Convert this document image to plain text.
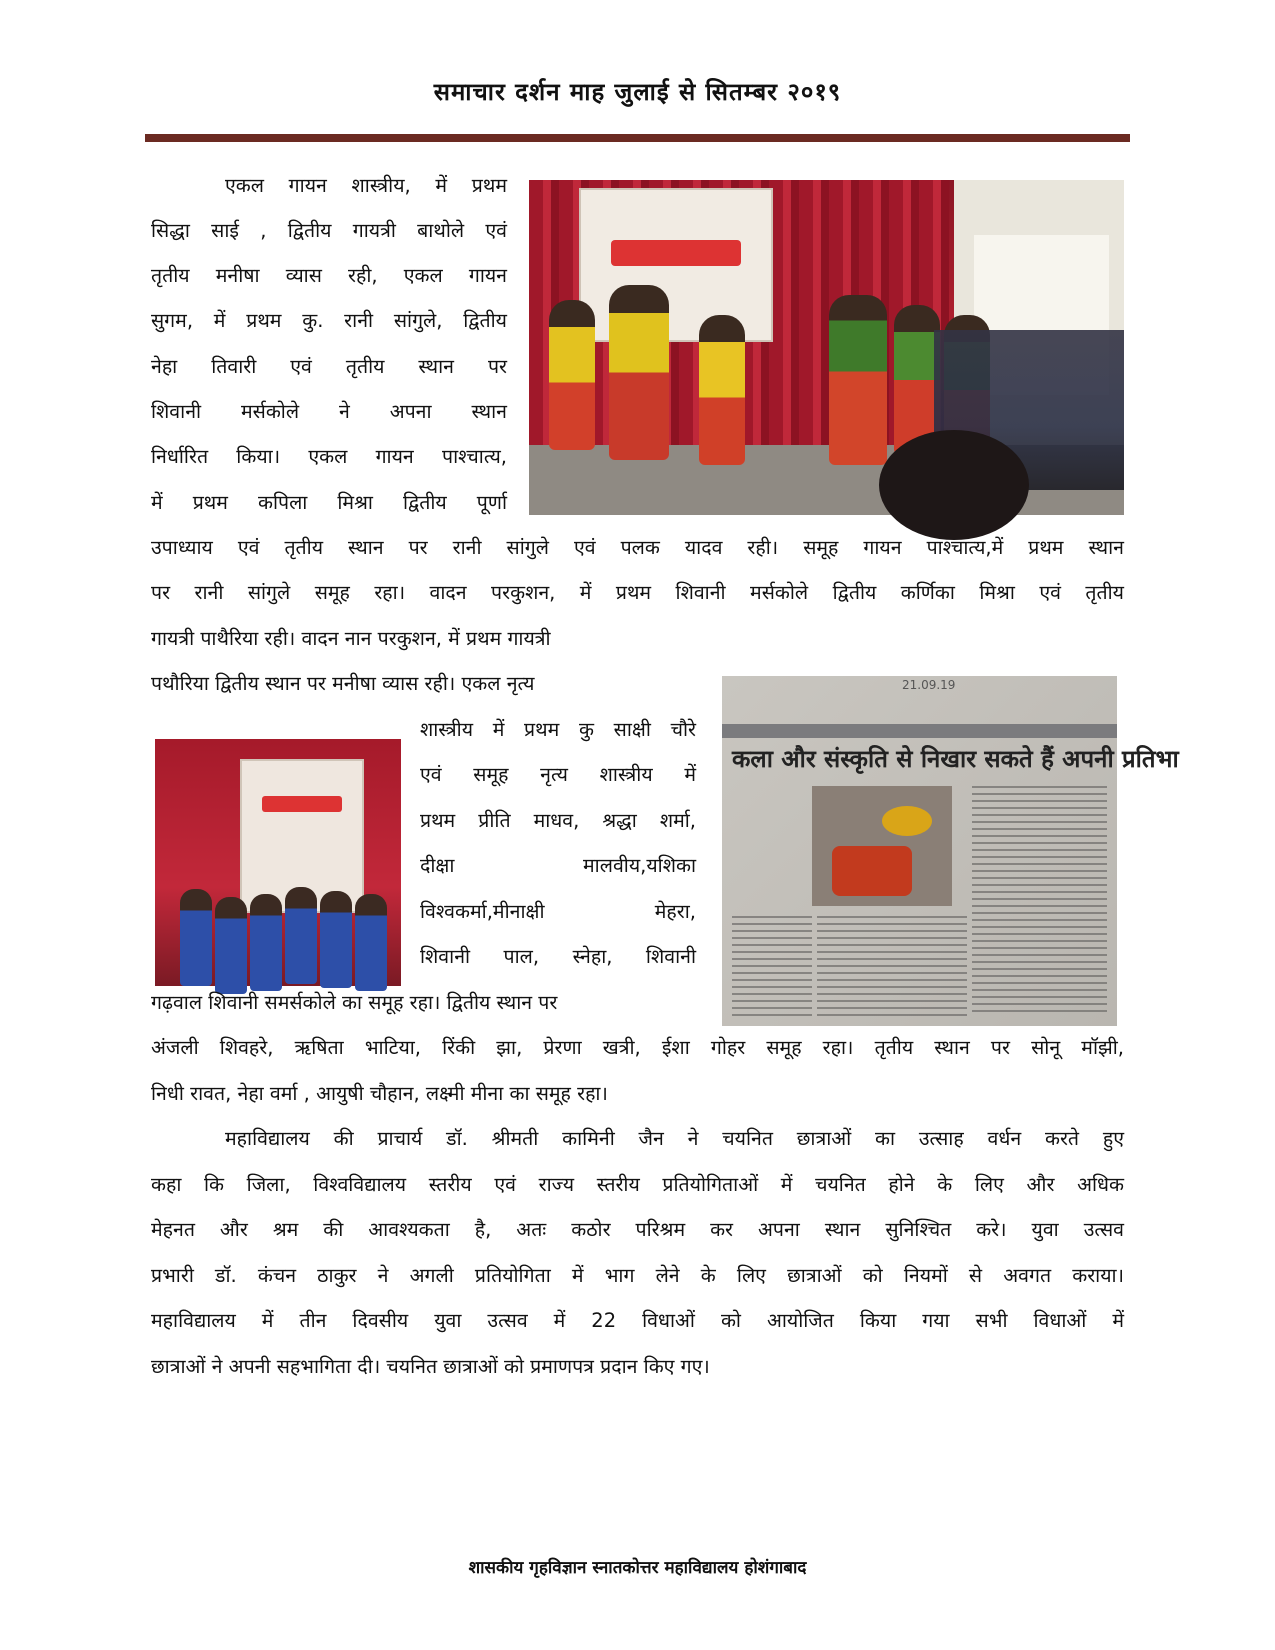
समाचार दर्शन माह जुलाई से सितम्बर २०१९
21.09.19
कला और संस्कृति से निखार सकते हैं अपनी प्रतिभा
एकल गायन शास्त्रीय, में प्रथम
सिद्धा साई , द्वितीय गायत्री बाथोले एवं
तृतीय मनीषा व्यास रही, एकल गायन
सुगम, में प्रथम कु. रानी सांगुले, द्वितीय
नेहा तिवारी एवं तृतीय स्थान पर
शिवानी मर्सकोले ने अपना स्थान
निर्धारित किया। एकल गायन पाश्चात्य,
में प्रथम कपिला मिश्रा द्वितीय पूर्णा
उपाध्याय एवं तृतीय स्थान पर रानी सांगुले एवं पलक यादव रही। समूह गायन पाश्चात्य,में प्रथम स्थान
पर रानी सांगुले समूह रहा। वादन परकुशन, में प्रथम शिवानी मर्सकोले द्वितीय कर्णिका मिश्रा एवं तृतीय
गायत्री पाथैरिया रही। वादन नान परकुशन, में प्रथम गायत्री
पथौरिया द्वितीय स्थान पर मनीषा व्यास रही। एकल नृत्य
शास्त्रीय में प्रथम कु साक्षी चौरे
एवं समूह नृत्य शास्त्रीय में
प्रथम प्रीति माधव, श्रद्धा शर्मा,
दीक्षा मालवीय,यशिका
विश्वकर्मा,मीनाक्षी मेहरा,
शिवानी पाल, स्नेहा, शिवानी
गढ़वाल शिवानी समर्सकोले का समूह रहा। द्वितीय स्थान पर
अंजली शिवहरे, ऋषिता भाटिया, रिंकी झा, प्रेरणा खत्री, ईशा गोहर समूह रहा। तृतीय स्थान पर सोनू मॉझी,
निधी रावत, नेहा वर्मा , आयुषी चौहान, लक्ष्मी मीना का समूह रहा।
महाविद्यालय की प्राचार्य डॉ. श्रीमती कामिनी जैन ने चयनित छात्राओं का उत्साह वर्धन करते हुए
कहा कि जिला, विश्वविद्यालय स्तरीय एवं राज्य स्तरीय प्रतियोगिताओं में चयनित होने के लिए और अधिक
मेहनत और श्रम की आवश्यकता है, अतः कठोर परिश्रम कर अपना स्थान सुनिश्चित करे। युवा उत्सव
प्रभारी डॉ. कंचन ठाकुर ने अगली प्रतियोगिता में भाग लेने के लिए छात्राओं को नियमों से अवगत कराया।
महाविद्यालय में तीन दिवसीय युवा उत्सव में 22 विधाओं को आयोजित किया गया सभी विधाओं में
छात्राओं ने अपनी सहभागिता दी। चयनित छात्राओं को प्रमाणपत्र प्रदान किए गए।
शासकीय गृहविज्ञान स्नातकोत्तर महाविद्यालय होशंगाबाद
